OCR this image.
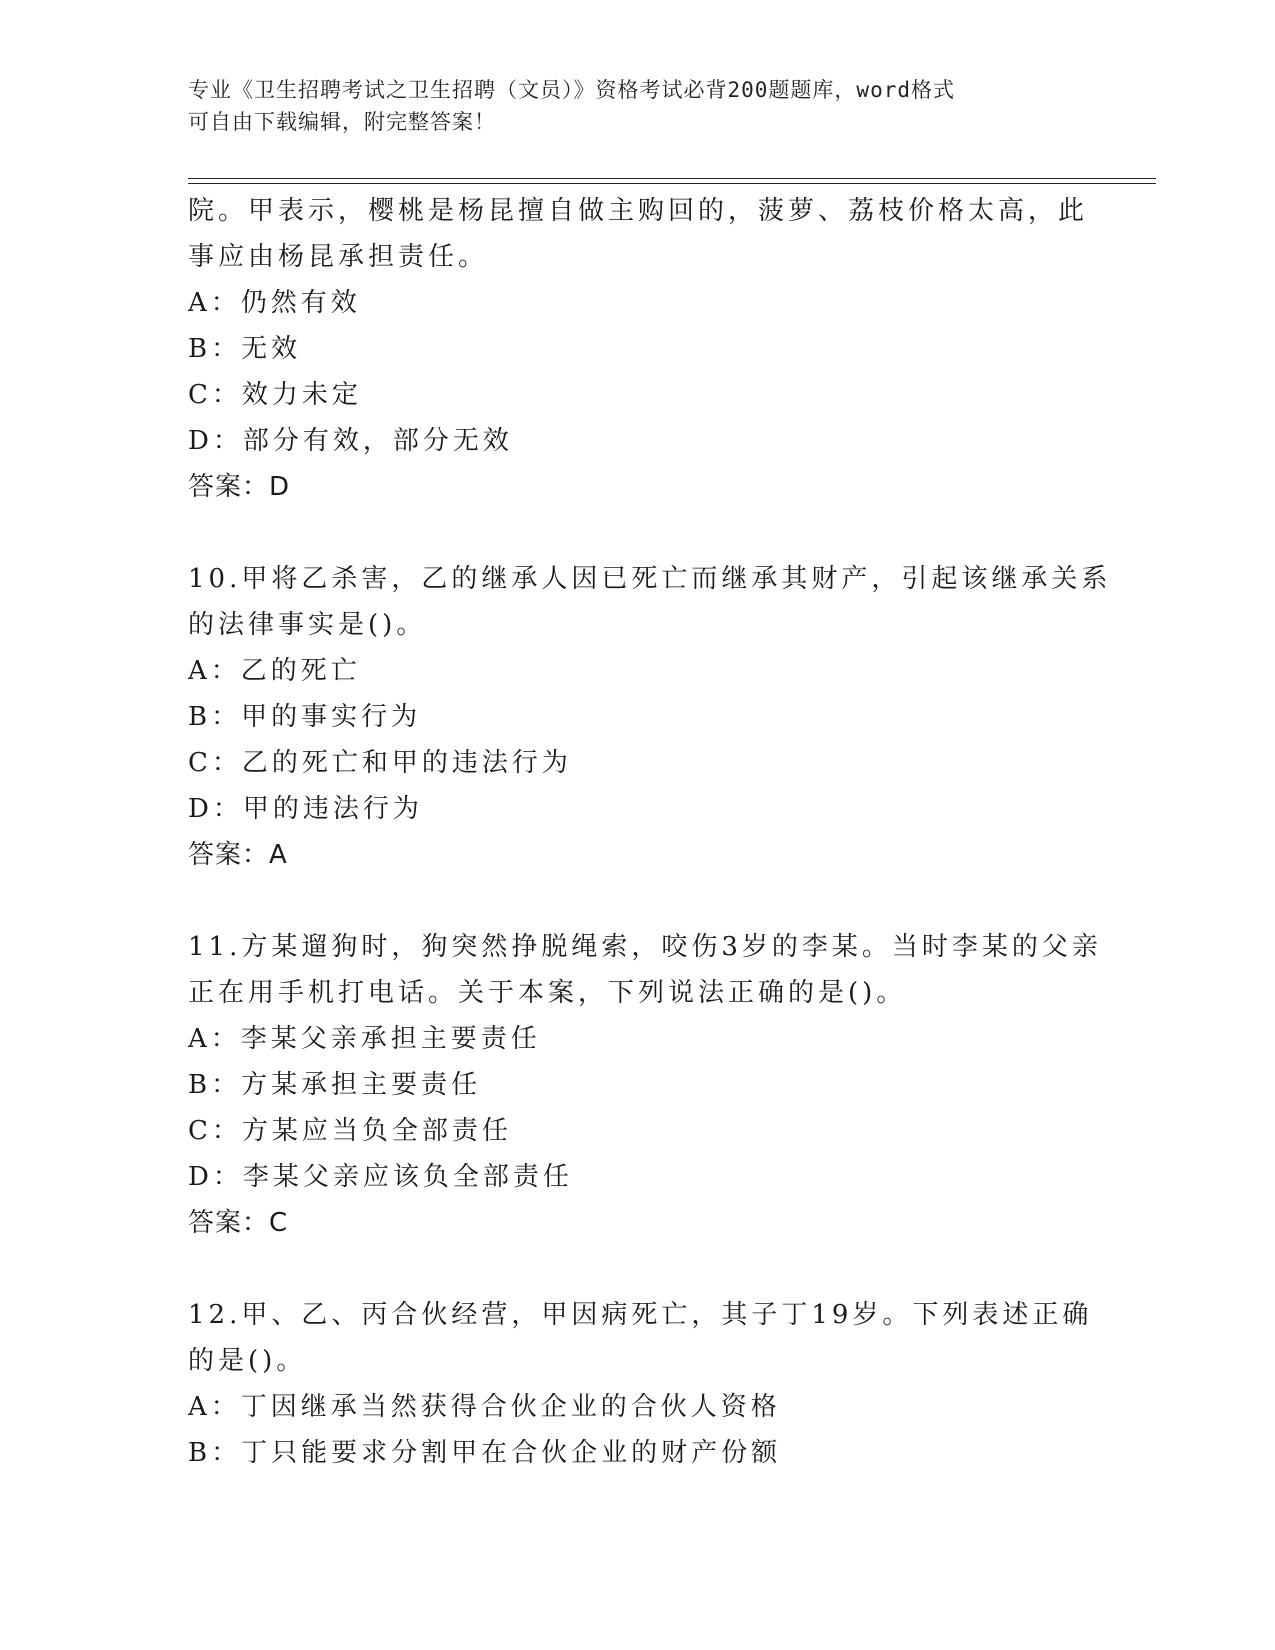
专业《卫生招聘考试之卫生招聘（文员）》资格考试必背200题题库，word格式
可自由下载编辑，附完整答案！

院。甲表示，樱桃是杨昆擅自做主购回的，菠萝、荔枝价格太高，此

事应由杨昆承担责任。

A：仍然有效

B：无效

C：效力未定

D：部分有效，部分无效

答案：D

10.甲将乙杀害，乙的继承人因已死亡而继承其财产，引起该继承关系

的法律事实是()。

A：乙的死亡

B：甲的事实行为

C：乙的死亡和甲的违法行为

D：甲的违法行为

答案：A

11.方某遛狗时，狗突然挣脱绳索，咬伤3岁的李某。当时李某的父亲

正在用手机打电话。关于本案，下列说法正确的是()。

A：李某父亲承担主要责任

B：方某承担主要责任

C：方某应当负全部责任

D：李某父亲应该负全部责任

答案：C

12.甲、乙、丙合伙经营，甲因病死亡，其子丁19岁。下列表述正确

的是()。

A：丁因继承当然获得合伙企业的合伙人资格

B：丁只能要求分割甲在合伙企业的财产份额
